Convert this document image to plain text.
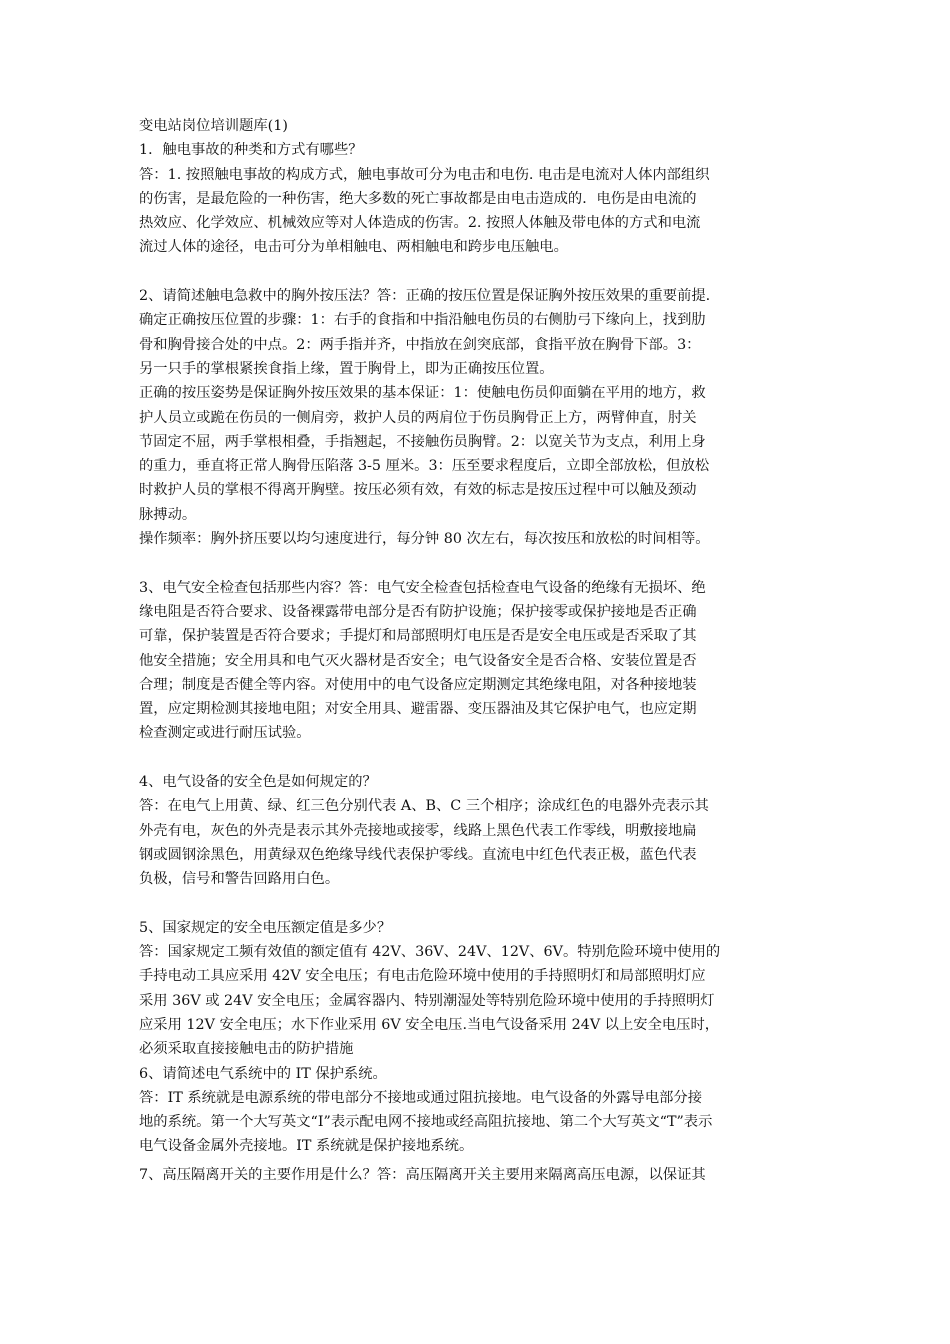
变电站岗位培训题库(1)
1．触电事故的种类和方式有哪些？
答：1. 按照触电事故的构成方式，触电事故可分为电击和电伤. 电击是电流对人体内部组织
的伤害，是最危险的一种伤害，绝大多数的死亡事故都是由电击造成的．电伤是由电流的
热效应、化学效应、机械效应等对人体造成的伤害。2. 按照人体触及带电体的方式和电流
流过人体的途径，电击可分为单相触电、两相触电和跨步电压触电。
2、请简述触电急救中的胸外按压法？答：正确的按压位置是保证胸外按压效果的重要前提.
确定正确按压位置的步骤：1：右手的食指和中指沿触电伤员的右侧肋弓下缘向上，找到肋
骨和胸骨接合处的中点。2：两手指并齐，中指放在剑突底部，食指平放在胸骨下部。3：
另一只手的掌根紧挨食指上缘，置于胸骨上，即为正确按压位置。
正确的按压姿势是保证胸外按压效果的基本保证：1：使触电伤员仰面躺在平用的地方，救
护人员立或跪在伤员的一侧肩旁，救护人员的两肩位于伤员胸骨正上方，两臂伸直，肘关
节固定不屈，两手掌根相叠，手指翘起，不接触伤员胸臂。2：以宽关节为支点，利用上身
的重力，垂直将正常人胸骨压陷落 3-5 厘米。3：压至要求程度后，立即全部放松，但放松
时救护人员的掌根不得离开胸壁。按压必须有效，有效的标志是按压过程中可以触及颈动
脉搏动。
操作频率：胸外挤压要以均匀速度进行，每分钟 80 次左右，每次按压和放松的时间相等。
3、电气安全检查包括那些内容？答：电气安全检查包括检查电气设备的绝缘有无损坏、绝
缘电阻是否符合要求、设备裸露带电部分是否有防护设施；保护接零或保护接地是否正确
可靠，保护装置是否符合要求；手提灯和局部照明灯电压是否是安全电压或是否采取了其
他安全措施；安全用具和电气灭火器材是否安全；电气设备安全是否合格、安装位置是否
合理；制度是否健全等内容。对使用中的电气设备应定期测定其绝缘电阻，对各种接地装
置，应定期检测其接地电阻；对安全用具、避雷器、变压器油及其它保护电气，也应定期
检查测定或进行耐压试验。
4、电气设备的安全色是如何规定的？
答：在电气上用黄、绿、红三色分别代表 A、B、C 三个相序；涂成红色的电器外壳表示其
外壳有电，灰色的外壳是表示其外壳接地或接零，线路上黑色代表工作零线，明敷接地扁
钢或圆钢涂黑色，用黄绿双色绝缘导线代表保护零线。直流电中红色代表正极，蓝色代表
负极，信号和警告回路用白色。
5、国家规定的安全电压额定值是多少？
答：国家规定工频有效值的额定值有 42V、36V、24V、12V、6V。特别危险环境中使用的
手持电动工具应采用 42V 安全电压；有电击危险环境中使用的手持照明灯和局部照明灯应
采用 36V 或 24V 安全电压；金属容器内、特别潮湿处等特别危险环境中使用的手持照明灯
应采用 12V 安全电压；水下作业采用 6V 安全电压.当电气设备采用 24V 以上安全电压时，
必须采取直接接触电击的防护措施
6、请简述电气系统中的 IT 保护系统。
答：IT 系统就是电源系统的带电部分不接地或通过阻抗接地。电气设备的外露导电部分接
地的系统。第一个大写英文“I”表示配电网不接地或经高阻抗接地、第二个大写英文“T”表示
电气设备金属外壳接地。IT 系统就是保护接地系统。
7、高压隔离开关的主要作用是什么？答：高压隔离开关主要用来隔离高压电源，以保证其
